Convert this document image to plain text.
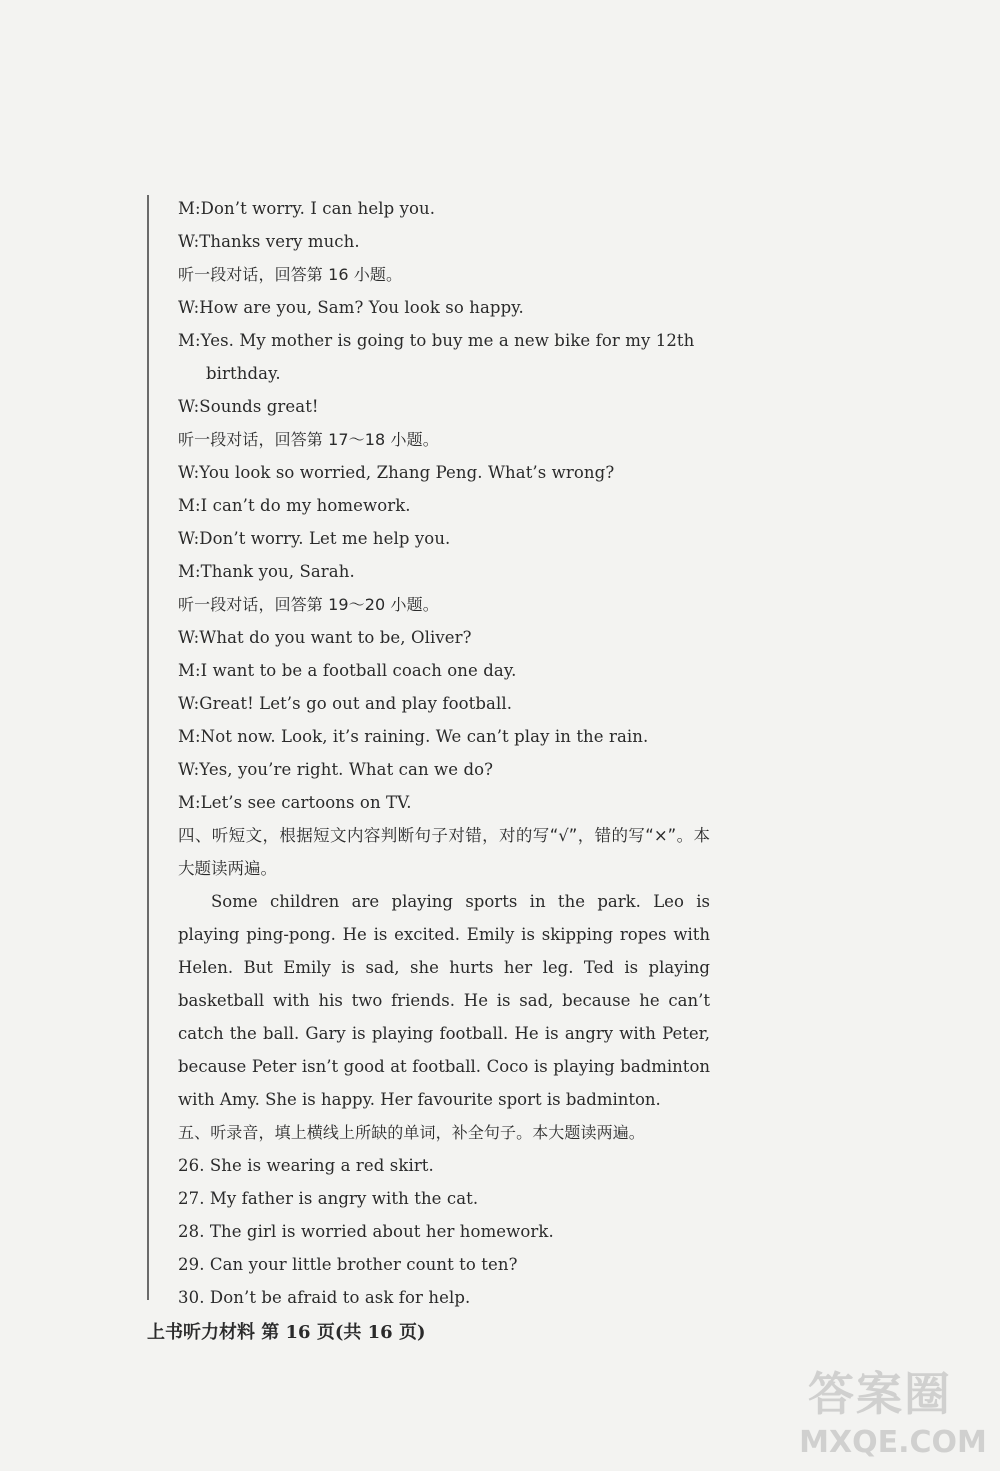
M:Don’t worry. I can help you.
W:Thanks very much.
听一段对话，回答第 16 小题。
W:How are you, Sam? You look so happy.
M:Yes. My mother is going to buy me a new bike for my 12th
birthday.
W:Sounds great!
听一段对话，回答第 17～18 小题。
W:You look so worried, Zhang Peng. What’s wrong?
M:I can’t do my homework.
W:Don’t worry. Let me help you.
M:Thank you, Sarah.
听一段对话，回答第 19～20 小题。
W:What do you want to be, Oliver?
M:I want to be a football coach one day.
W:Great! Let’s go out and play football.
M:Not now. Look, it’s raining. We can’t play in the rain.
W:Yes, you’re right. What can we do?
M:Let’s see cartoons on TV.
四、听短文，根据短文内容判断句子对错，对的写“√”，错的写“×”。本大题读两遍。
Some children are playing sports in the park. Leo is playing ping-pong. He is excited. Emily is skipping ropes with Helen. But Emily is sad, she hurts her leg. Ted is playing basketball with his two friends. He is sad, because he can’t catch the ball. Gary is playing football. He is angry with Peter, because Peter isn’t good at football. Coco is playing badminton with Amy. She is happy. Her favourite sport is badminton.
五、听录音，填上横线上所缺的单词，补全句子。本大题读两遍。
26. She is wearing a red skirt.
27. My father is angry with the cat.
28. The girl is worried about her homework.
29. Can your little brother count to ten?
30. Don’t be afraid to ask for help.
上书听力材料 第 16 页(共 16 页)
答案圈
MXQE.COM
